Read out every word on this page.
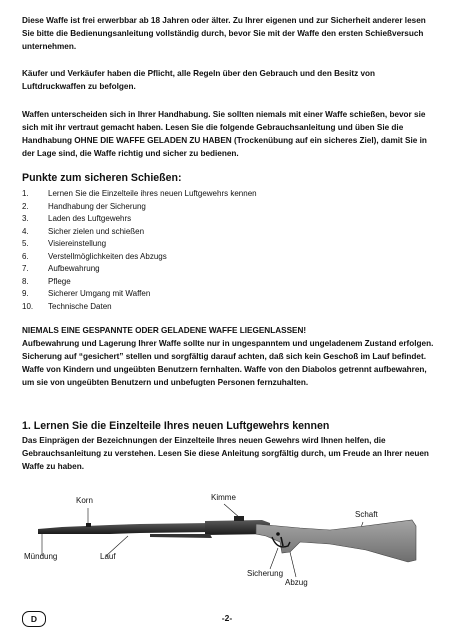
Diese Waffe ist frei erwerbbar ab 18 Jahren oder älter. Zu Ihrer eigenen und zur Sicherheit anderer lesen Sie bitte die Bedienungsanleitung vollständig durch, bevor Sie mit der Waffe den ersten Schießversuch unternehmen.

Käufer und Verkäufer haben die Pflicht, alle Regeln über den Gebrauch und den Besitz von Luftdruckwaffen zu befolgen.

Waffen unterscheiden sich in Ihrer Handhabung. Sie sollten niemals mit einer Waffe schießen, bevor sie sich mit ihr vertraut gemacht haben. Lesen Sie die folgende Gebrauchsanleitung und üben Sie die Handhabung OHNE DIE WAFFE GELADEN ZU HABEN (Trockenübung auf ein sicheres Ziel), damit Sie in der Lage sind, die Waffe richtig und sicher zu bedienen.

Punkte zum sicheren Schießen:
1.	Lernen Sie die Einzelteile ihres neuen Luftgewehrs kennen
2.	Handhabung der Sicherung
3.	Laden des Luftgewehrs
4.	Sicher zielen und schießen
5.	Visiereinstellung
6.	Verstellmöglichkeiten des Abzugs
7.	Aufbewahrung
8.	Pflege
9.	Sicherer Umgang mit Waffen
10.	Technische Daten

NIEMALS EINE GESPANNTE ODER GELADENE WAFFE LIEGENLASSEN!

Aufbewahrung und Lagerung Ihrer Waffe sollte nur in ungespanntem und ungeladenem Zustand erfolgen. Sicherung auf “gesichert” stellen und sorgfältig darauf achten, daß sich kein Geschoß im Lauf befindet. Waffe von Kindern und ungeübten Benutzern fernhalten. Waffe von den Diabolos getrennt aufbewahren, um sie von ungeübten Benutzern und unbefugten Personen fernzuhalten.

1. Lernen Sie die Einzelteile Ihres neuen Luftgewehrs kennen

Das Einprägen der Bezeichnungen der Einzelteile Ihres neuen Gewehrs wird Ihnen helfen, die Gebrauchsanleitung zu verstehen. Lesen Sie diese Anleitung sorgfältig durch, um Freude an Ihrer neuen Waffe zu haben.

Korn	Kimme
Schaft
Mündung	Lauf
Sicherung
Abzug
D	-2-
